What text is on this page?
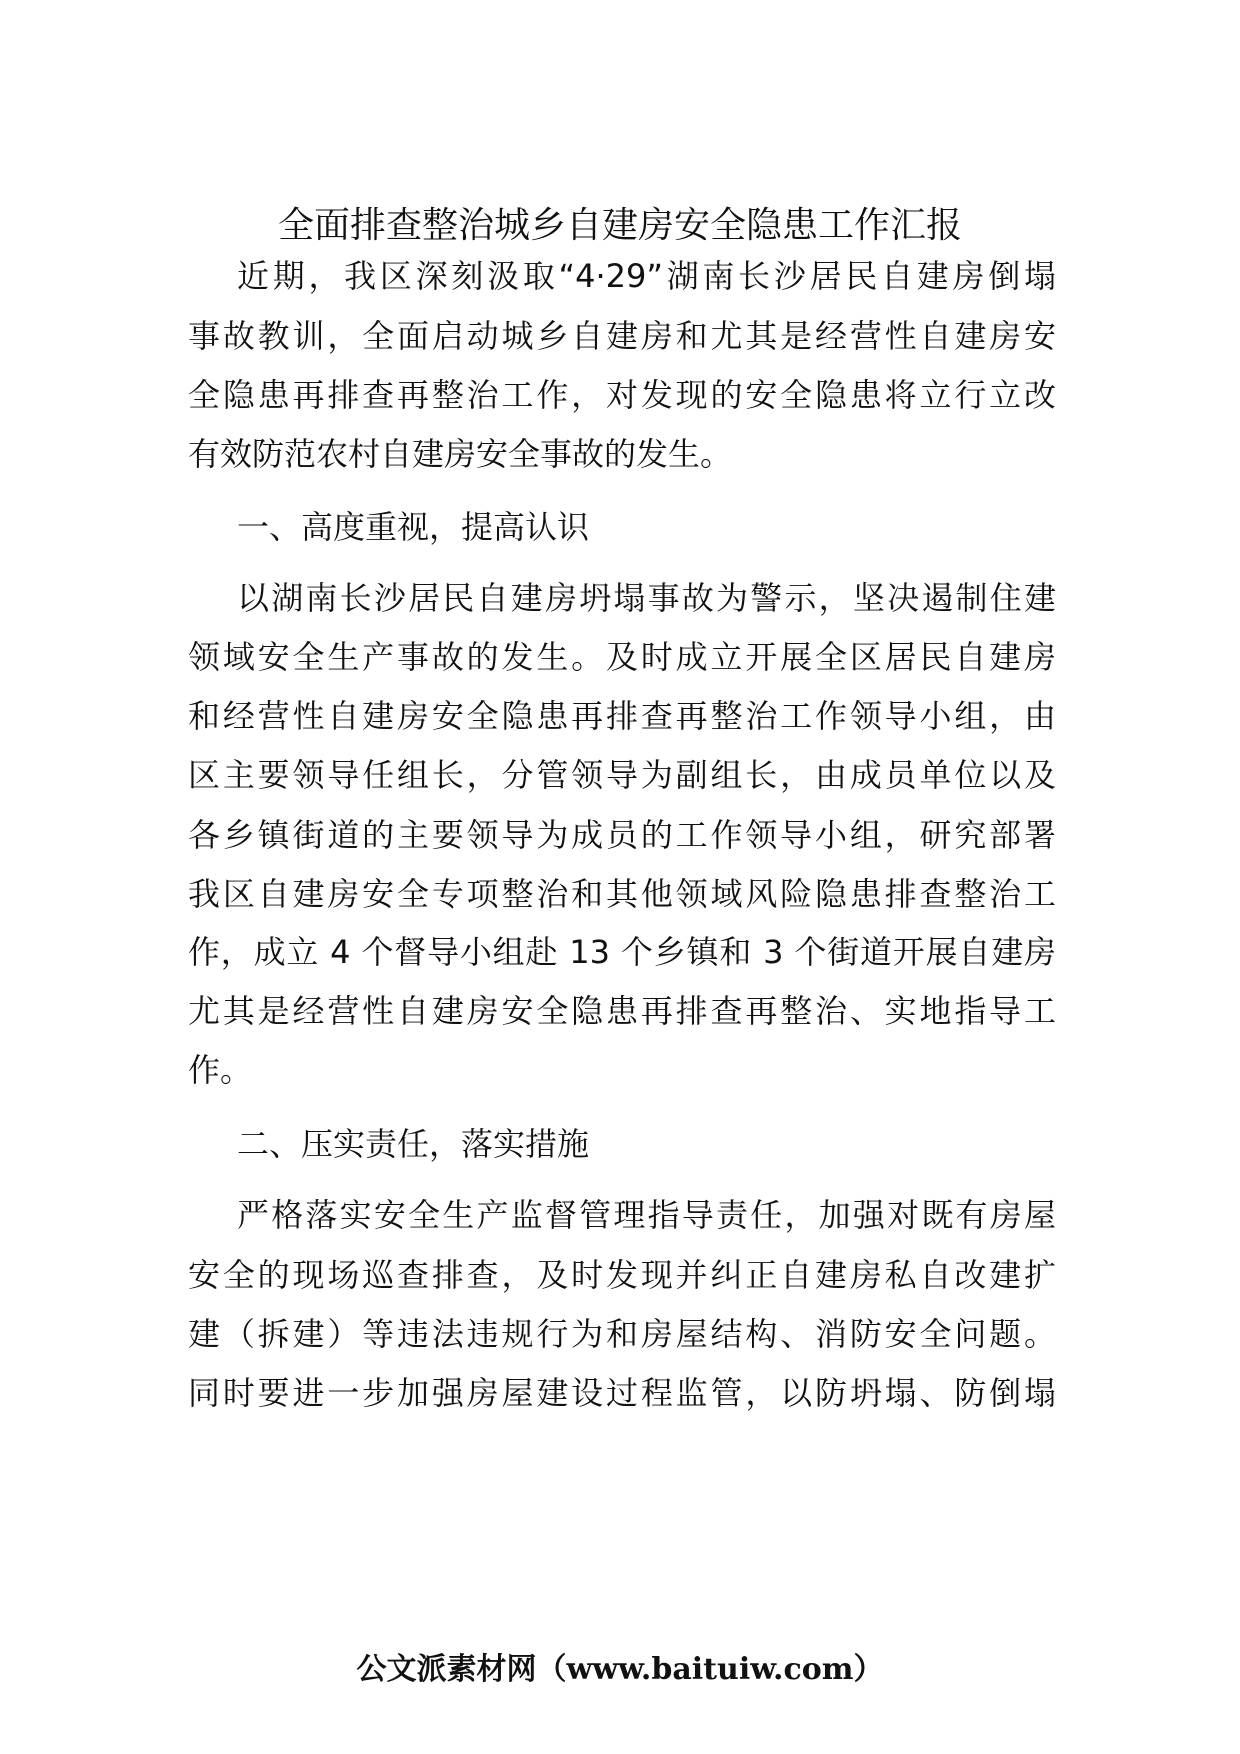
全面排查整治城乡自建房安全隐患工作汇报
近期，我区深刻汲取“4·29”湖南长沙居民自建房倒塌
事故教训，全面启动城乡自建房和尤其是经营性自建房安
全隐患再排查再整治工作，对发现的安全隐患将立行立改
有效防范农村自建房安全事故的发生。
一、高度重视，提高认识
以湖南长沙居民自建房坍塌事故为警示，坚决遏制住建
领域安全生产事故的发生。及时成立开展全区居民自建房
和经营性自建房安全隐患再排查再整治工作领导小组，由
区主要领导任组长，分管领导为副组长，由成员单位以及
各乡镇街道的主要领导为成员的工作领导小组，研究部署
我区自建房安全专项整治和其他领域风险隐患排查整治工
作，成立 4 个督导小组赴 13 个乡镇和 3 个街道开展自建房
尤其是经营性自建房安全隐患再排查再整治、实地指导工
作。
二、压实责任，落实措施
严格落实安全生产监督管理指导责任，加强对既有房屋
安全的现场巡查排查，及时发现并纠正自建房私自改建扩
建（拆建）等违法违规行为和房屋结构、消防安全问题。
同时要进一步加强房屋建设过程监管，以防坍塌、防倒塌
公文派素材网（www.baituiw.com）
